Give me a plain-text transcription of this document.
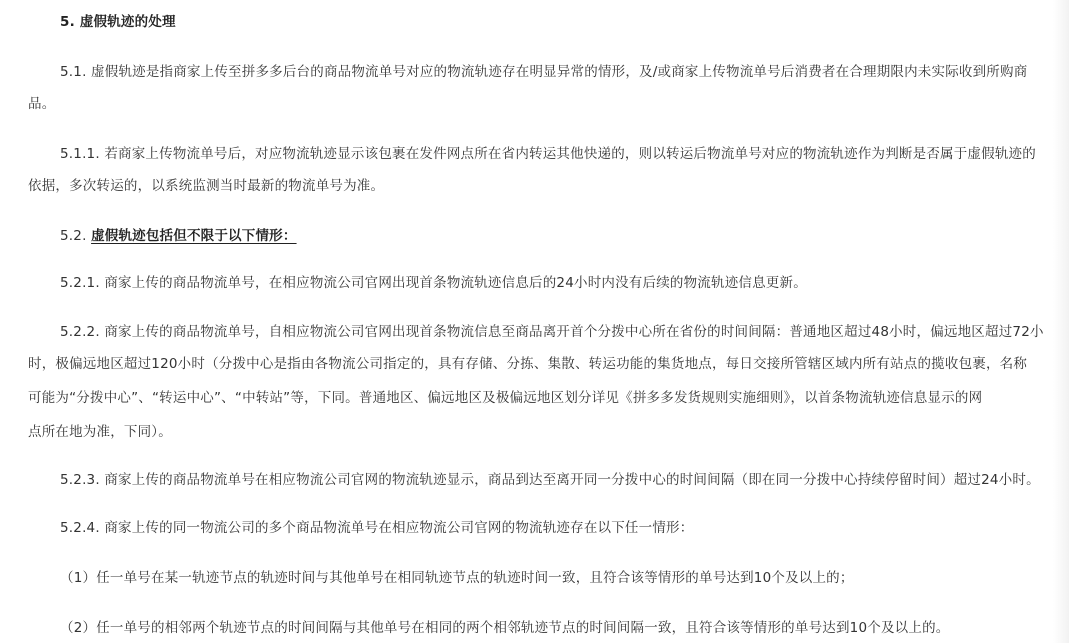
5. 虚假轨迹的处理
5.1. 虚假轨迹是指商家上传至拼多多后台的商品物流单号对应的物流轨迹存在明显异常的情形，及/或商家上传物流单号后消费者在合理期限内未实际收到所购商
品。
5.1.1. 若商家上传物流单号后，对应物流轨迹显示该包裹在发件网点所在省内转运其他快递的，则以转运后物流单号对应的物流轨迹作为判断是否属于虚假轨迹的
依据，多次转运的，以系统监测当时最新的物流单号为准。
5.2. 虚假轨迹包括但不限于以下情形：
5.2.1. 商家上传的商品物流单号，在相应物流公司官网出现首条物流轨迹信息后的24小时内没有后续的物流轨迹信息更新。
5.2.2. 商家上传的商品物流单号，自相应物流公司官网出现首条物流信息至商品离开首个分拨中心所在省份的时间间隔：普通地区超过48小时，偏远地区超过72小
时，极偏远地区超过120小时（分拨中心是指由各物流公司指定的，具有存储、分拣、集散、转运功能的集货地点，每日交接所管辖区域内所有站点的揽收包裹，名称
可能为“分拨中心”、“转运中心”、“中转站”等，下同。普通地区、偏远地区及极偏远地区划分详见《拼多多发货规则实施细则》，以首条物流轨迹信息显示的网
点所在地为准，下同）。
5.2.3. 商家上传的商品物流单号在相应物流公司官网的物流轨迹显示，商品到达至离开同一分拨中心的时间间隔（即在同一分拨中心持续停留时间）超过24小时。
5.2.4. 商家上传的同一物流公司的多个商品物流单号在相应物流公司官网的物流轨迹存在以下任一情形：
（1）任一单号在某一轨迹节点的轨迹时间与其他单号在相同轨迹节点的轨迹时间一致，且符合该等情形的单号达到10个及以上的；
（2）任一单号的相邻两个轨迹节点的时间间隔与其他单号在相同的两个相邻轨迹节点的时间间隔一致，且符合该等情形的单号达到10个及以上的。
